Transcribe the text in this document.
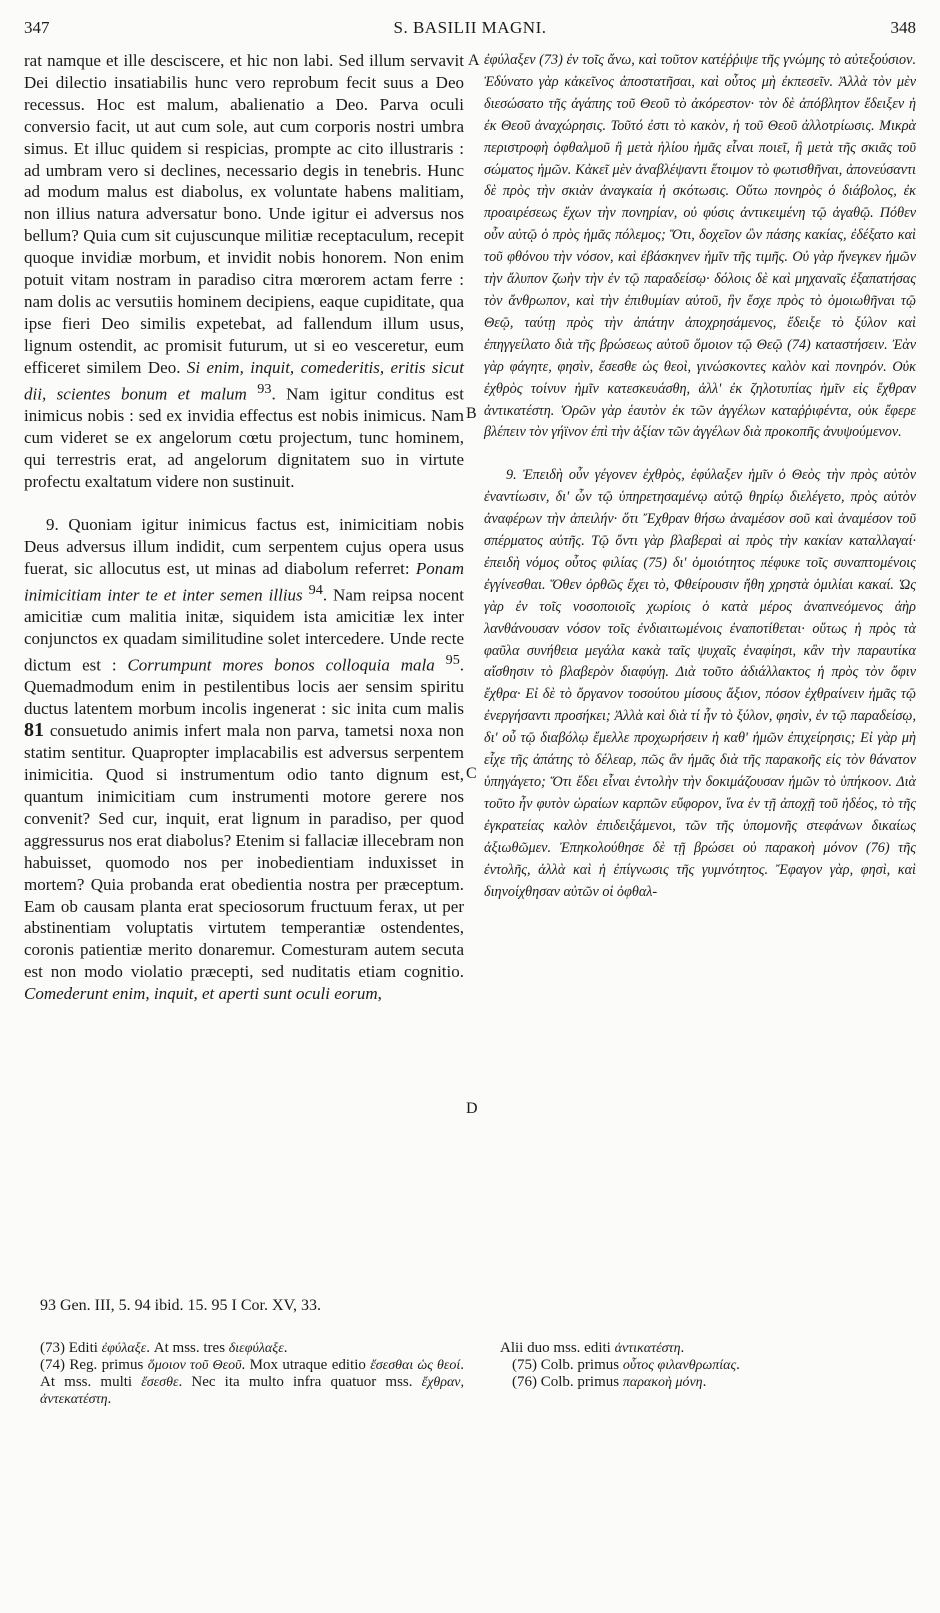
347	S. BASILII MAGNI.	348

rat namque et ille desciscere, et hic non labi. Sed illum servavit Dei dilectio insatiabilis hunc vero reprobum fecit suus a Deo recessus. Hoc est malum, abalienatio a Deo. Parva oculi conversio facit, ut aut cum sole, aut cum corporis nostri umbra simus. Et illuc quidem si respicias, prompte ac cito illustraris : ad umbram vero si declines, necessario degis in tenebris. Hunc ad modum malus est diabolus, ex voluntate habens malitiam, non illius natura adversatur bono. Unde igitur ei adversus nos bellum? Quia cum sit cujuscunque militiæ receptaculum, recepit quoque invidiæ morbum, et invidit nobis honorem. Non enim potuit vitam nostram in paradiso citra mœrorem actam ferre : nam dolis ac versutiis hominem decipiens, eaque cupiditate, qua ipse fieri Deo similis expetebat, ad fallendum illum usus, lignum ostendit, ac promisit futurum, ut si eo vesceretur, eum efficeret similem Deo. Si enim, inquit, comederitis, eritis sicut dii, scientes bonum et malum $^{93}$. Nam igitur conditus est inimicus nobis : sed ex invidia effectus est nobis inimicus. Nam cum videret se ex angelorum cœtu projectum, tunc hominem, qui terrestris erat, ad angelorum dignitatem suo in virtute profectu exaltatum videre non sustinuit.

9. Quoniam igitur inimicus factus est, inimicitiam nobis Deus adversus illum indidit, cum serpentem cujus opera usus fuerat, sic allocutus est, ut minas ad diabolum referret: Ponam inimicitiam inter te et inter semen illius $^{94}$. Nam reipsa nocent amicitiæ cum malitia initæ, siquidem ista amicitiæ lex inter conjunctos ex quadam similitudine solet intercedere. Unde recte dictum est : Corrumpunt mores bonos colloquia mala $^{95}$. Quemadmodum enim in pestilentibus locis aer sensim spiritu ductus latentem morbum incolis ingenerat : sic inita cum malis 81 consuetudo animis infert mala non parva, tametsi noxa non statim sentitur. Quapropter implacabilis est adversus serpentem inimicitia. Quod si instrumentum odio tanto dignum est, quantum inimicitiam cum instrumenti motore gerere nos convenit? Sed cur, inquit, erat lignum in paradiso, per quod aggressurus nos erat diabolus? Etenim si fallaciæ illecebram non habuisset, quomodo nos per inobedientiam induxisset in mortem? Quia probanda erat obedientia nostra per præceptum. Eam ob causam planta erat speciosorum fructuum ferax, ut per abstinentiam voluptatis virtutem temperantiæ ostendentes, coronis patientiæ merito donaremur. Comesturam autem secuta est non modo violatio præcepti, sed nuditatis etiam cognitio. Comederunt enim, inquit, et aperti sunt oculi eorum,

A
B
C
D

ἐφύλαξεν (73) ἐν τοῖς ἄνω, καὶ τοῦτον κατέῤῥιψε τῆς γνώμης τὸ αὐτεξούσιον. Ἐδύνατο γὰρ κἀκεῖνος ἀποστατῆσαι, καὶ οὗτος μὴ ἐκπεσεῖν. Ἀλλὰ τὸν μὲν διεσώσατο τῆς ἀγάπης τοῦ Θεοῦ τὸ ἀκόρεστον· τὸν δὲ ἀπόβλητον ἔδειξεν ἡ ἐκ Θεοῦ ἀναχώρησις. Τοῦτό ἐστι τὸ κακὸν, ἡ τοῦ Θεοῦ ἀλλοτρίωσις. Μικρὰ περιστροφὴ ὀφθαλμοῦ ἢ μετὰ ἡλίου ἡμᾶς εἶναι ποιεῖ, ἢ μετὰ τῆς σκιᾶς τοῦ σώματος ἡμῶν. Κἀκεῖ μὲν ἀναβλέψαντι ἕτοιμον τὸ φωτισθῆναι, ἀπονεύσαντι δὲ πρὸς τὴν σκιὰν ἀναγκαία ἡ σκότωσις. Οὕτω πονηρὸς ὁ διάβολος, ἐκ προαιρέσεως ἔχων τὴν πονηρίαν, οὐ φύσις ἀντικειμένη τῷ ἀγαθῷ. Πόθεν οὖν αὐτῷ ὁ πρὸς ἡμᾶς πόλεμος; Ὅτι, δοχεῖον ὢν πάσης κακίας, ἐδέξατο καὶ τοῦ φθόνου τὴν νόσον, καὶ ἐβάσκηνεν ἡμῖν τῆς τιμῆς. Οὐ γὰρ ἤνεγκεν ἡμῶν τὴν ἄλυπον ζωὴν τὴν ἐν τῷ παραδείσῳ· δόλοις δὲ καὶ μηχαναῖς ἐξαπατήσας τὸν ἄνθρωπον, καὶ τὴν ἐπιθυμίαν αὐτοῦ, ἣν ἔσχε πρὸς τὸ ὁμοιωθῆναι τῷ Θεῷ, ταύτῃ πρὸς τὴν ἀπάτην ἀποχρησάμενος, ἔδειξε τὸ ξύλον καὶ ἐπηγγείλατο διὰ τῆς βρώσεως αὐτοῦ ὅμοιον τῷ Θεῷ (74) καταστήσειν. Ἐὰν γὰρ φάγητε, φησὶν, ἔσεσθε ὡς θεοὶ, γινώσκοντες καλὸν καὶ πονηρόν. Οὐκ ἐχθρὸς τοίνυν ἡμῖν κατεσκευάσθη, ἀλλ' ἐκ ζηλοτυπίας ἡμῖν εἰς ἔχθραν ἀντικατέστη. Ὁρῶν γὰρ ἑαυτὸν ἐκ τῶν ἀγγέλων καταῤῥιφέντα, οὐκ ἔφερε βλέπειν τὸν γήϊνον ἐπὶ τὴν ἀξίαν τῶν ἀγγέλων διὰ προκοπῆς ἀνυψούμενον.

9. Ἐπειδὴ οὖν γέγονεν ἐχθρὸς, ἐφύλαξεν ἡμῖν ὁ Θεὸς τὴν πρὸς αὐτὸν ἐναντίωσιν, δι' ὧν τῷ ὑπηρετησαμένῳ αὐτῷ θηρίῳ διελέγετο, πρὸς αὐτὸν ἀναφέρων τὴν ἀπειλήν· ὅτι Ἔχθραν θήσω ἀναμέσον σοῦ καὶ ἀναμέσον τοῦ σπέρματος αὐτῆς. Τῷ ὄντι γὰρ βλαβεραὶ αἱ πρὸς τὴν κακίαν καταλλαγαί· ἐπειδὴ νόμος οὗτος φιλίας (75) δι' ὁμοιότητος πέφυκε τοῖς συναπτομένοις ἐγγίνεσθαι. Ὅθεν ὀρθῶς ἔχει τὸ, Φθείρουσιν ἤθη χρηστὰ ὁμιλίαι κακαί. Ὡς γὰρ ἐν τοῖς νοσοποιοῖς χωρίοις ὁ κατὰ μέρος ἀναπνεόμενος ἀὴρ λανθάνουσαν νόσον τοῖς ἐνδιαιτωμένοις ἐναποτίθεται· οὕτως ἡ πρὸς τὰ φαῦλα συνήθεια μεγάλα κακὰ ταῖς ψυχαῖς ἐναφίησι, κἂν τὴν παραυτίκα αἴσθησιν τὸ βλαβερὸν διαφύγῃ. Διὰ τοῦτο ἀδιάλλακτος ἡ πρὸς τὸν ὄφιν ἔχθρα· Εἰ δὲ τὸ ὄργανον τοσούτου μίσους ἄξιον, πόσον ἐχθραίνειν ἡμᾶς τῷ ἐνεργήσαντι προσήκει; Ἀλλὰ καὶ διὰ τί ἦν τὸ ξύλον, φησὶν, ἐν τῷ παραδείσῳ, δι' οὗ τῷ διαβόλῳ ἔμελλε προχωρήσειν ἡ καθ' ἡμῶν ἐπιχείρησις; Εἰ γὰρ μὴ εἶχε τῆς ἀπάτης τὸ δέλεαρ, πῶς ἂν ἡμᾶς διὰ τῆς παρακοῆς εἰς τὸν θάνατον ὑπηγάγετο; Ὅτι ἔδει εἶναι ἐντολὴν τὴν δοκιμάζουσαν ἡμῶν τὸ ὑπήκοον. Διὰ τοῦτο ἦν φυτὸν ὡραίων καρπῶν εὔφορον, ἵνα ἐν τῇ ἀποχῇ τοῦ ἡδέος, τὸ τῆς ἐγκρατείας καλὸν ἐπιδειξάμενοι, τῶν τῆς ὑπομονῆς στεφάνων δικαίως ἀξιωθῶμεν. Ἐπηκολούθησε δὲ τῇ βρώσει οὐ παρακοὴ μόνον (76) τῆς ἐντολῆς, ἀλλὰ καὶ ἡ ἐπίγνωσις τῆς γυμνότητος. Ἔφαγον γὰρ, φησὶ, καὶ διηνοίχθησαν αὐτῶν οἱ ὀφθαλ-

93 Gen. III, 5. 94 ibid. 15. 95 I Cor. XV, 33.

(73) Editi ἐφύλαξε. At mss. tres διεφύλαξε.

(74) Reg. primus ὅμοιον τοῦ Θεοῦ. Mox utraque editio ἔσεσθαι ὡς θεοί. At mss. multi ἔσεσθε. Nec ita multo infra quatuor mss. ἔχθραν, ἀντεκατέστη.

Alii duo mss. editi ἀντικατέστη.

(75) Colb. primus οὗτος φιλανθρωπίας.

(76) Colb. primus παρακοὴ μόνη.
